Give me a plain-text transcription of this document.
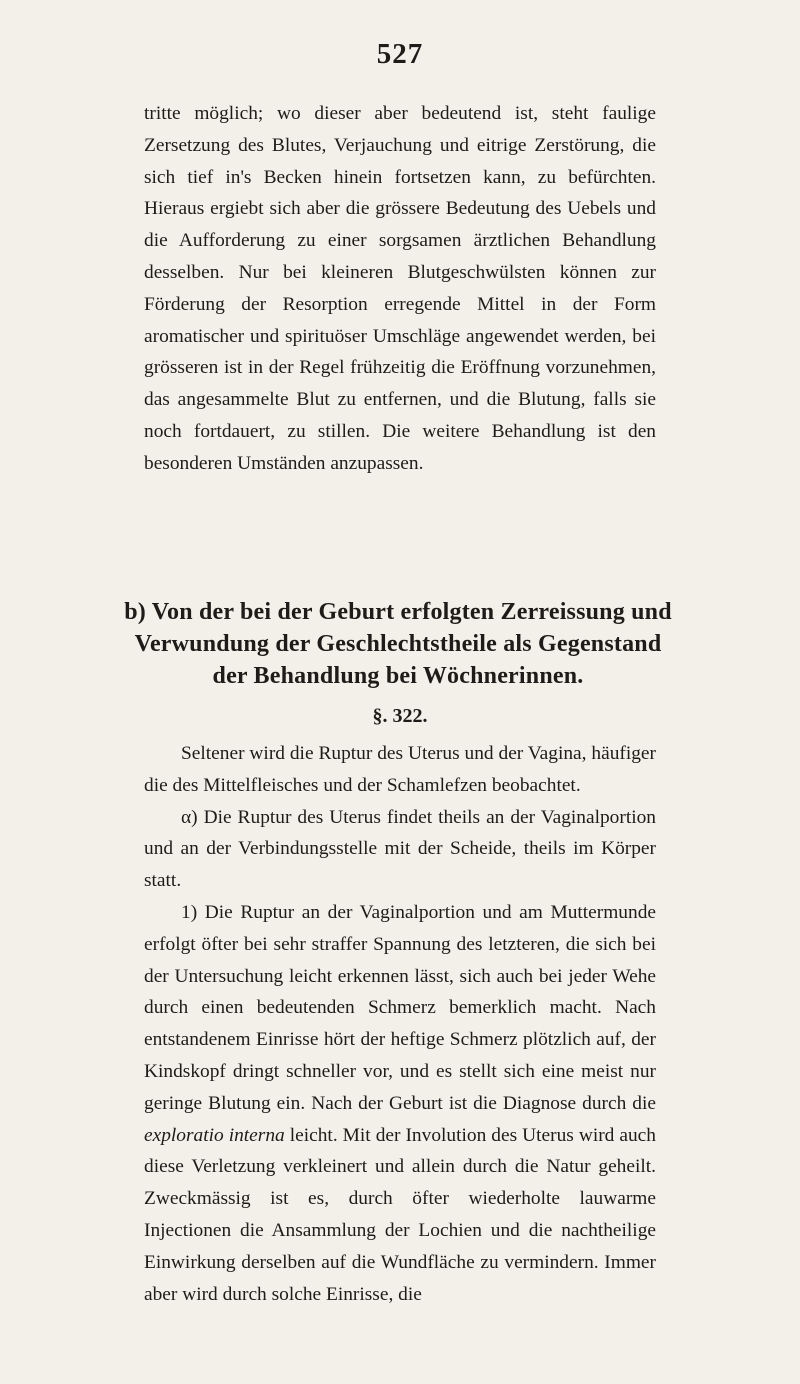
527

tritte möglich; wo dieser aber bedeutend ist, steht faulige Zersetzung des Blutes, Verjauchung und eitrige Zerstörung, die sich tief in's Becken hinein fortsetzen kann, zu befürchten. Hieraus ergiebt sich aber die grössere Bedeutung des Uebels und die Aufforderung zu einer sorgsamen ärztlichen Behandlung desselben. Nur bei kleineren Blutgeschwülsten können zur Förderung der Resorption erregende Mittel in der Form aromatischer und spirituöser Umschläge angewendet werden, bei grösseren ist in der Regel frühzeitig die Eröffnung vorzunehmen, das angesammelte Blut zu entfernen, und die Blutung, falls sie noch fortdauert, zu stillen. Die weitere Behandlung ist den besonderen Umständen anzupassen.

b) Von der bei der Geburt erfolgten Zerreissung und Verwundung der Geschlechtstheile als Gegenstand der Behandlung bei Wöchnerinnen.
§. 322.

Seltener wird die Ruptur des Uterus und der Vagina, häufiger die des Mittelfleisches und der Schamlefzen beobachtet.

α) Die Ruptur des Uterus findet theils an der Vaginalportion und an der Verbindungsstelle mit der Scheide, theils im Körper statt.

1) Die Ruptur an der Vaginalportion und am Muttermunde erfolgt öfter bei sehr straffer Spannung des letzteren, die sich bei der Untersuchung leicht erkennen lässt, sich auch bei jeder Wehe durch einen bedeutenden Schmerz bemerklich macht. Nach entstandenem Einrisse hört der heftige Schmerz plötzlich auf, der Kindskopf dringt schneller vor, und es stellt sich eine meist nur geringe Blutung ein. Nach der Geburt ist die Diagnose durch die exploratio interna leicht. Mit der Involution des Uterus wird auch diese Verletzung verkleinert und allein durch die Natur geheilt. Zweckmässig ist es, durch öfter wiederholte lauwarme Injectionen die Ansammlung der Lochien und die nachtheilige Einwirkung derselben auf die Wundfläche zu vermindern. Immer aber wird durch solche Einrisse, die
